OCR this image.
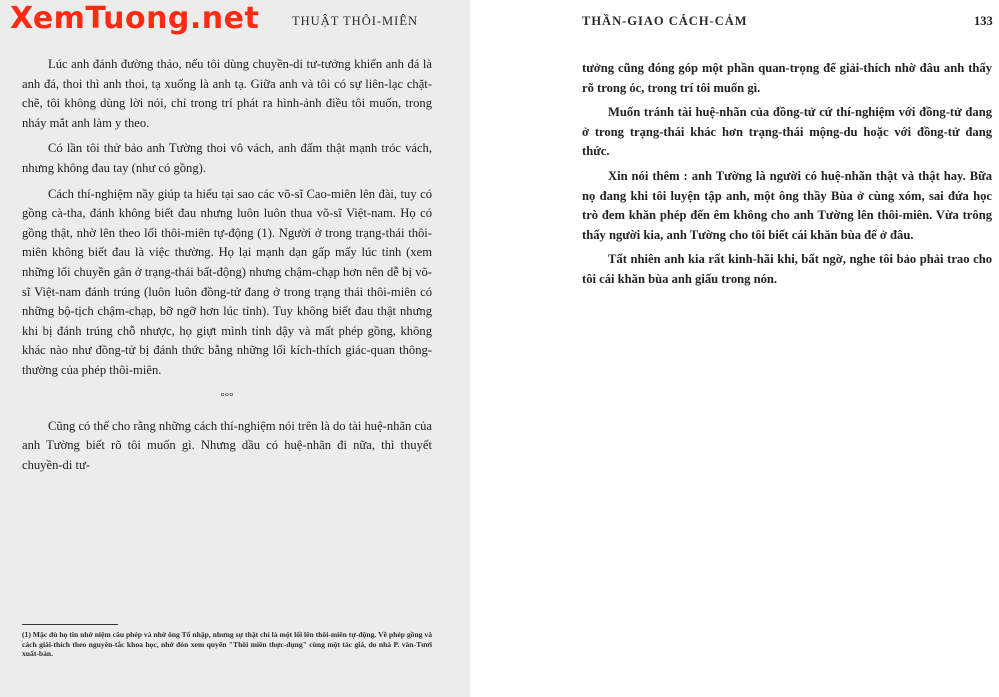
XemTuong.net	THUẬT THÔI-MIÊN

Lúc anh đánh đường thảo, nếu tôi dùng chuyền-di tư-tưởng khiến anh đá là anh đá, thoi thì anh thoi, tạ xuống là anh tạ. Giữa anh và tôi có sự liên-lạc chặt-chẽ, tôi không dùng lời nói, chỉ trong trí phát ra hình-ảnh điều tôi muốn, trong nháy mắt anh làm y theo.

Có lần tôi thử bảo anh Tường thoi vô vách, anh đấm thật mạnh tróc vách, nhưng không đau tay (như có gồng).

Cách thí-nghiệm nầy giúp ta hiểu tại sao các võ-sĩ Cao-miên lên đài, tuy có gồng cà-tha, đánh không biết đau nhưng luôn luôn thua võ-sĩ Việt-nam. Họ có gồng thật, nhờ lên theo lối thôi-miên tự-động (1). Người ở trong trạng-thái thôi-miên không biết đau là việc thường. Họ lại mạnh dạn gấp mấy lúc tỉnh (xem những lối chuyền gân ở trạng-thái bất-động) nhưng chậm-chạp hơn nên dễ bị võ-sĩ Việt-nam đánh trúng (luôn luôn đồng-tử đang ở trong trạng thái thôi-miên có những bộ-tịch chậm-chạp, bỡ ngỡ hơn lúc tỉnh). Tuy không biết đau thật nhưng khi bị đánh trúng chỗ nhược, họ giựt mình tỉnh dậy và mất phép gồng, không khác nào như đồng-tử bị đánh thức bằng những lối kích-thích giác-quan thông-thường của phép thôi-miên.

°°°

Cũng có thể cho rằng những cách thí-nghiệm nói trên là do tài huệ-nhãn của anh Tường biết rõ tôi muốn gì. Nhưng dầu có huệ-nhãn đi nữa, thì thuyết chuyền-di tư-

(1) Mặc dù họ tin nhờ niệm câu phép và nhờ ông Tổ nhập, nhưng sự thật chỉ là một lối lên thôi-miên tự-động. Về phép gồng và cách giải-thích theo nguyên-tắc khoa học, nhớ đón xem quyển "Thôi miên thực-dụng" cùng một tác giả, do nhà P. văn-Tươi xuất-bản.
THẦN-GIAO CÁCH-CẢM	133

tưởng cũng đóng góp một phần quan-trọng để giải-thích nhờ đâu anh thấy rõ trong óc, trong trí tôi muốn gì.

Muốn tránh tài huệ-nhãn của đồng-tử cứ thí-nghiệm với đồng-tử đang ở trong trạng-thái khác hơn trạng-thái mộng-du hoặc với đồng-tử đang thức.

Xin nói thêm : anh Tường là người có huệ-nhãn thật và thật hay. Bữa nọ đang khi tôi luyện tập anh, một ông thầy Bùa ở cùng xóm, sai đứa học trò đem khăn phép đến êm không cho anh Tường lên thôi-miên. Vừa trông thấy người kia, anh Tường cho tôi biết cái khăn bùa để ở đâu.

Tất nhiên anh kia rất kinh-hãi khi, bất ngờ, nghe tôi bảo phải trao cho tôi cái khăn bùa anh giấu trong nón.
